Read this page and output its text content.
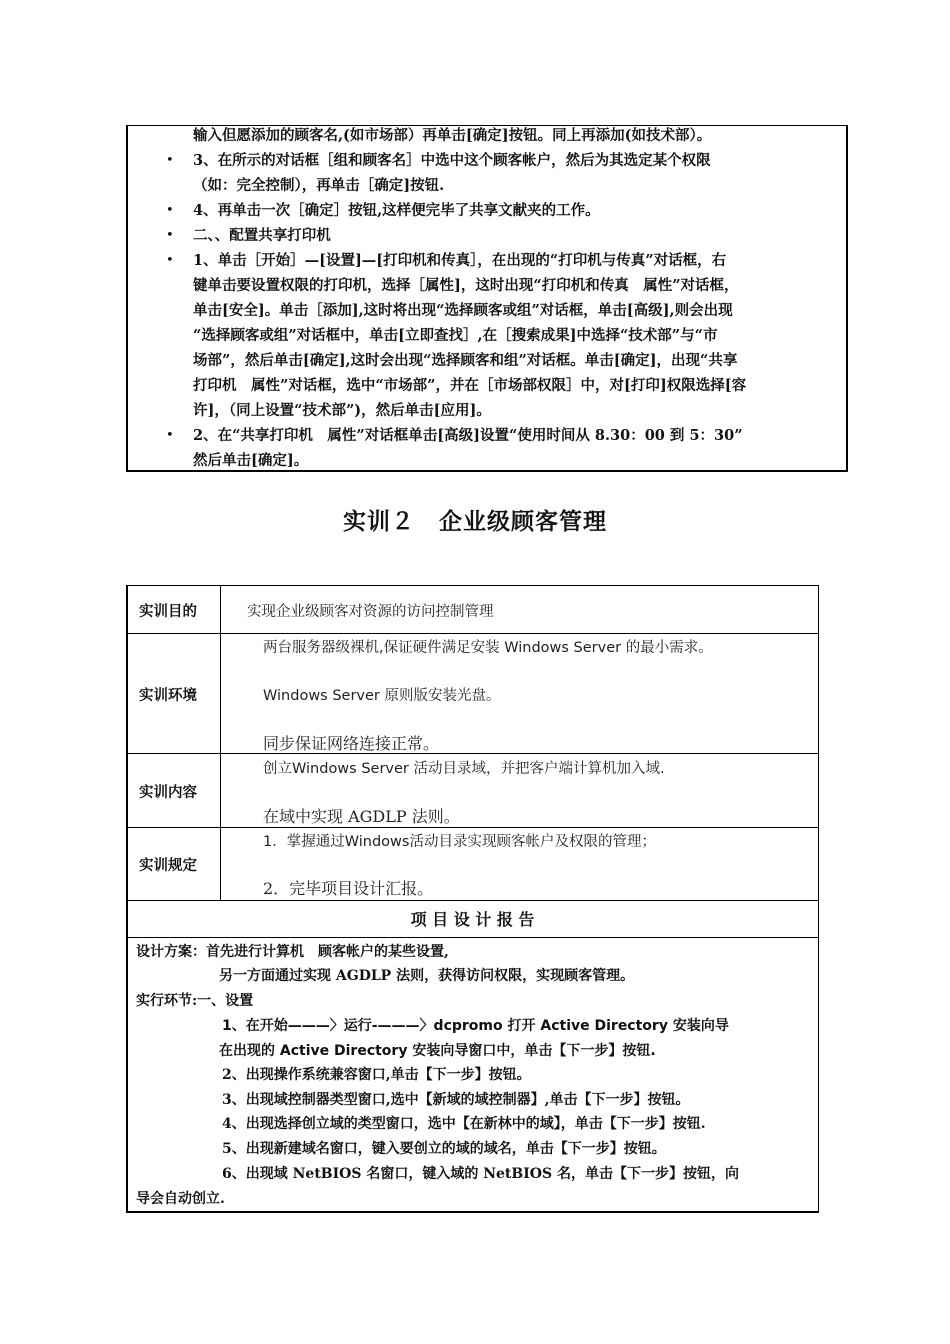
输入但愿添加的顾客名,(如市场部）再单击[确定]按钮。同上再添加(如技术部）。
• 3、在所示的对话框［组和顾客名］中选中这个顾客帐户，然后为其选定某个权限
（如：完全控制），再单击［确定]按钮.
• 4、再单击一次［确定］按钮,这样便完毕了共享文献夹的工作。
• 二、、配置共享打印机
• 1、单击［开始］—[设置]—[打印机和传真］，在出现的“打印机与传真”对话框，右
键单击要设置权限的打印机，选择［属性]，这时出现“打印机和传真　属性”对话框，
单击[安全]。单击［添加],这时将出现“选择顾客或组”对话框，单击[高级],则会出现
“选择顾客或组”对话框中，单击[立即查找］,在［搜索成果]中选择“技术部”与“市
场部”，然后单击[确定],这时会出现“选择顾客和组”对话框。单击[确定]，出现“共享
打印机　属性”对话框，选中“市场部”，并在［市场部权限］中，对[打印]权限选择[容
许]，（同上设置“技术部”)，然后单击[应用]。
• 2、在“共享打印机　属性”对话框单击[高级]设置“使用时间从 8.30：00 到 5：30”
然后单击[确定]。
实训２　企业级顾客管理
实训目的	实现企业级顾客对资源的访问控制管理
实训环境
两台服务器级裸机,保证硬件满足安装 Windows Server 的最小需求。
Windows Server 原则版安装光盘。
同步保证网络连接正常。
实训内容
创立Windows Server 活动目录域，并把客户端计算机加入域.
在域中实现 AGDLP 法则。
实训规定
1．掌握通过Windows活动目录实现顾客帐户及权限的管理；
2．完毕项目设计汇报。
项 目 设 计 报 告
设计方案：首先进行计算机　顾客帐户的某些设置,
另一方面通过实现 AGDLP 法则，获得访问权限，实现顾客管理。
实行环节:一、设置
1、在开始———〉运行-———〉dcpromo 打开 Active Directory 安装向导
在出现的 Active Directory 安装向导窗口中，单击【下一步】按钮.
2、出现操作系统兼容窗口,单击【下一步】按钮。
3、出现域控制器类型窗口,选中【新域的域控制器】,单击【下一步】按钮。
4、出现选择创立域的类型窗口，选中【在新林中的域】，单击【下一步】按钮.
5、出现新建域名窗口，键入要创立的域的域名，单击【下一步】按钮。
6、出现域 NetBIOS 名窗口，键入域的 NetBIOS 名，单击【下一步】按钮，向
导会自动创立.
